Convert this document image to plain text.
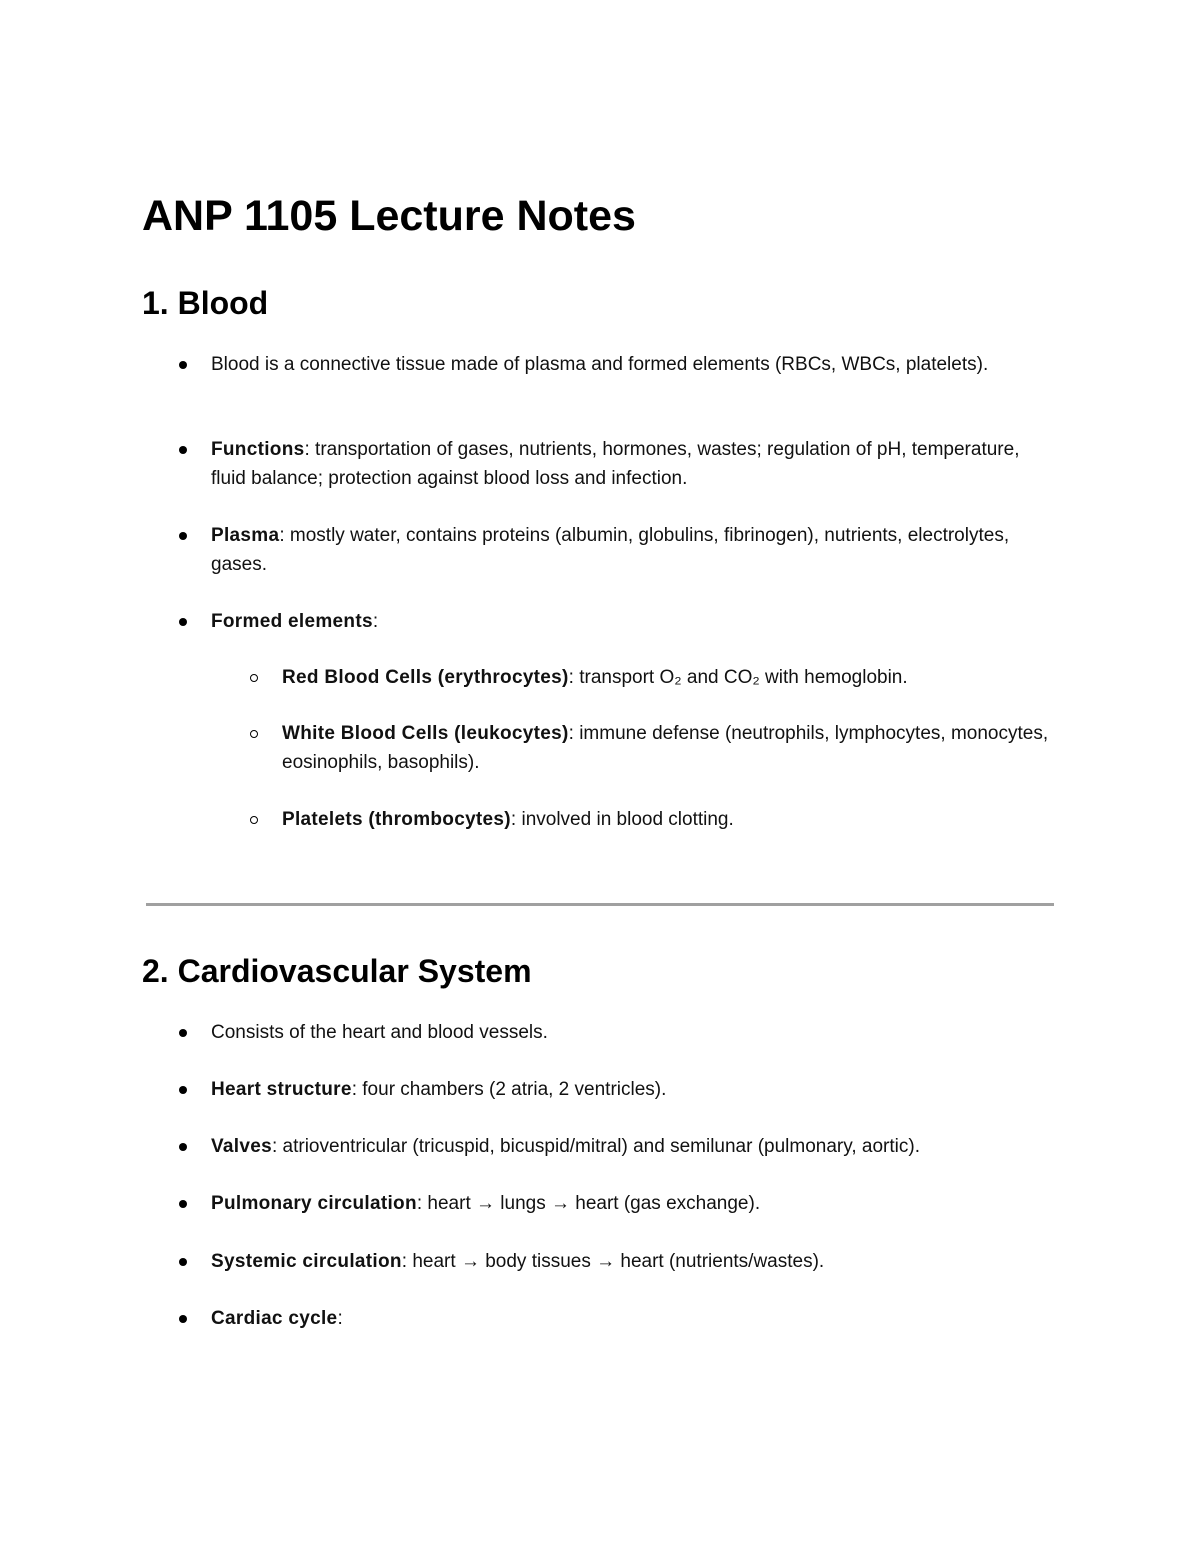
ANP 1105 Lecture Notes
1. Blood
Blood is a connective tissue made of plasma and formed elements (RBCs, WBCs, platelets).
Functions: transportation of gases, nutrients, hormones, wastes; regulation of pH, temperature, fluid balance; protection against blood loss and infection.
Plasma: mostly water, contains proteins (albumin, globulins, fibrinogen), nutrients, electrolytes, gases.
Formed elements:
Red Blood Cells (erythrocytes): transport O₂ and CO₂ with hemoglobin.
White Blood Cells (leukocytes): immune defense (neutrophils, lymphocytes, monocytes, eosinophils, basophils).
Platelets (thrombocytes): involved in blood clotting.
2. Cardiovascular System
Consists of the heart and blood vessels.
Heart structure: four chambers (2 atria, 2 ventricles).
Valves: atrioventricular (tricuspid, bicuspid/mitral) and semilunar (pulmonary, aortic).
Pulmonary circulation: heart → lungs → heart (gas exchange).
Systemic circulation: heart → body tissues → heart (nutrients/wastes).
Cardiac cycle:
